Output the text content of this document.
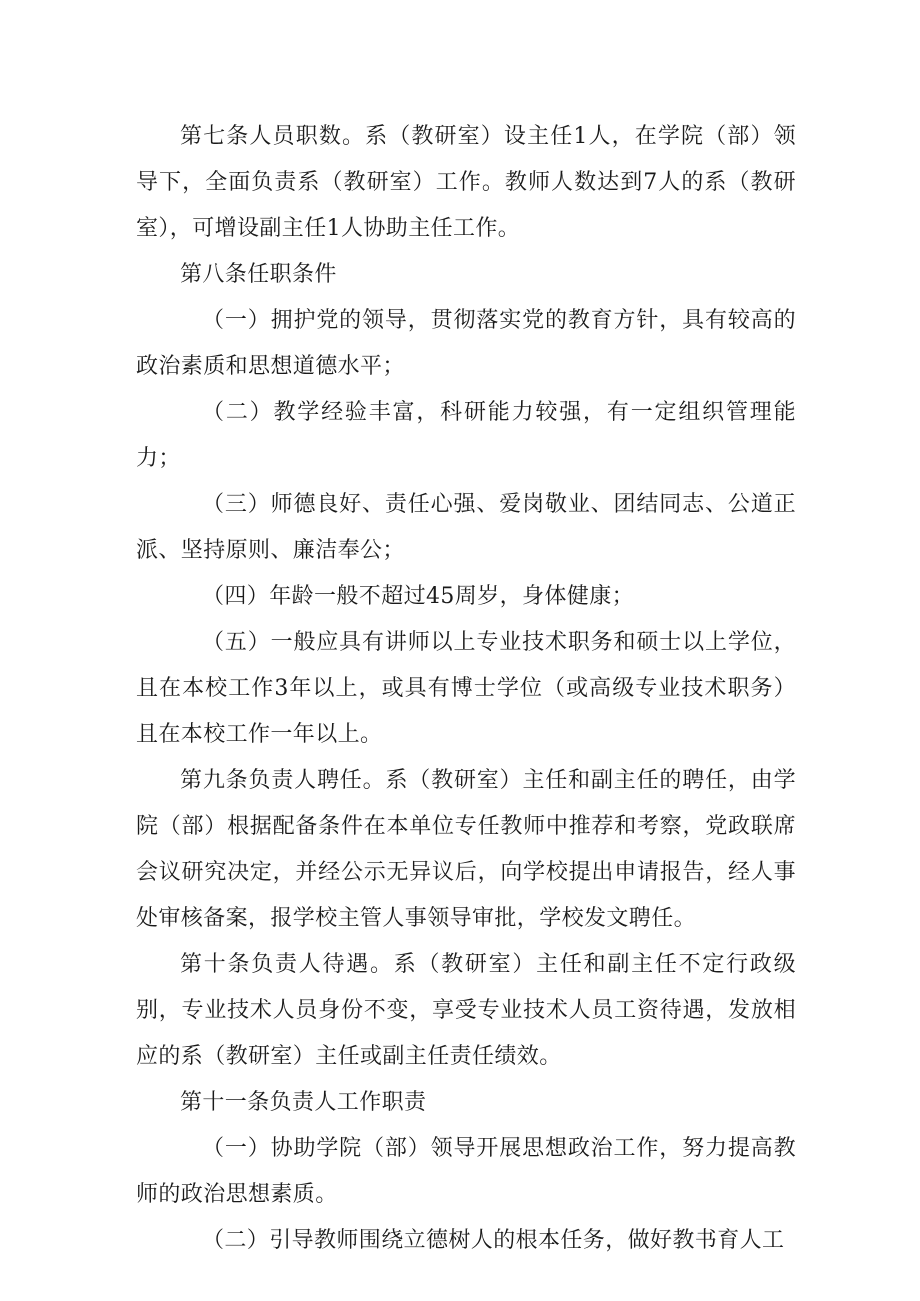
第七条人员职数。系（教研室）设主任1人，在学院（部）领导下，全面负责系（教研室）工作。教师人数达到7人的系（教研室），可增设副主任1人协助主任工作。

第八条任职条件

（一）拥护党的领导，贯彻落实党的教育方针，具有较高的政治素质和思想道德水平；

（二）教学经验丰富，科研能力较强，有一定组织管理能力；

（三）师德良好、责任心强、爱岗敬业、团结同志、公道正派、坚持原则、廉洁奉公；

（四）年龄一般不超过45周岁，身体健康；

（五）一般应具有讲师以上专业技术职务和硕士以上学位，且在本校工作3年以上，或具有博士学位（或高级专业技术职务）且在本校工作一年以上。

第九条负责人聘任。系（教研室）主任和副主任的聘任，由学院（部）根据配备条件在本单位专任教师中推荐和考察，党政联席会议研究决定，并经公示无异议后，向学校提出申请报告，经人事处审核备案，报学校主管人事领导审批，学校发文聘任。

第十条负责人待遇。系（教研室）主任和副主任不定行政级别，专业技术人员身份不变，享受专业技术人员工资待遇，发放相应的系（教研室）主任或副主任责任绩效。

第十一条负责人工作职责

（一）协助学院（部）领导开展思想政治工作，努力提高教师的政治思想素质。

（二）引导教师围绕立德树人的根本任务，做好教书育人工
